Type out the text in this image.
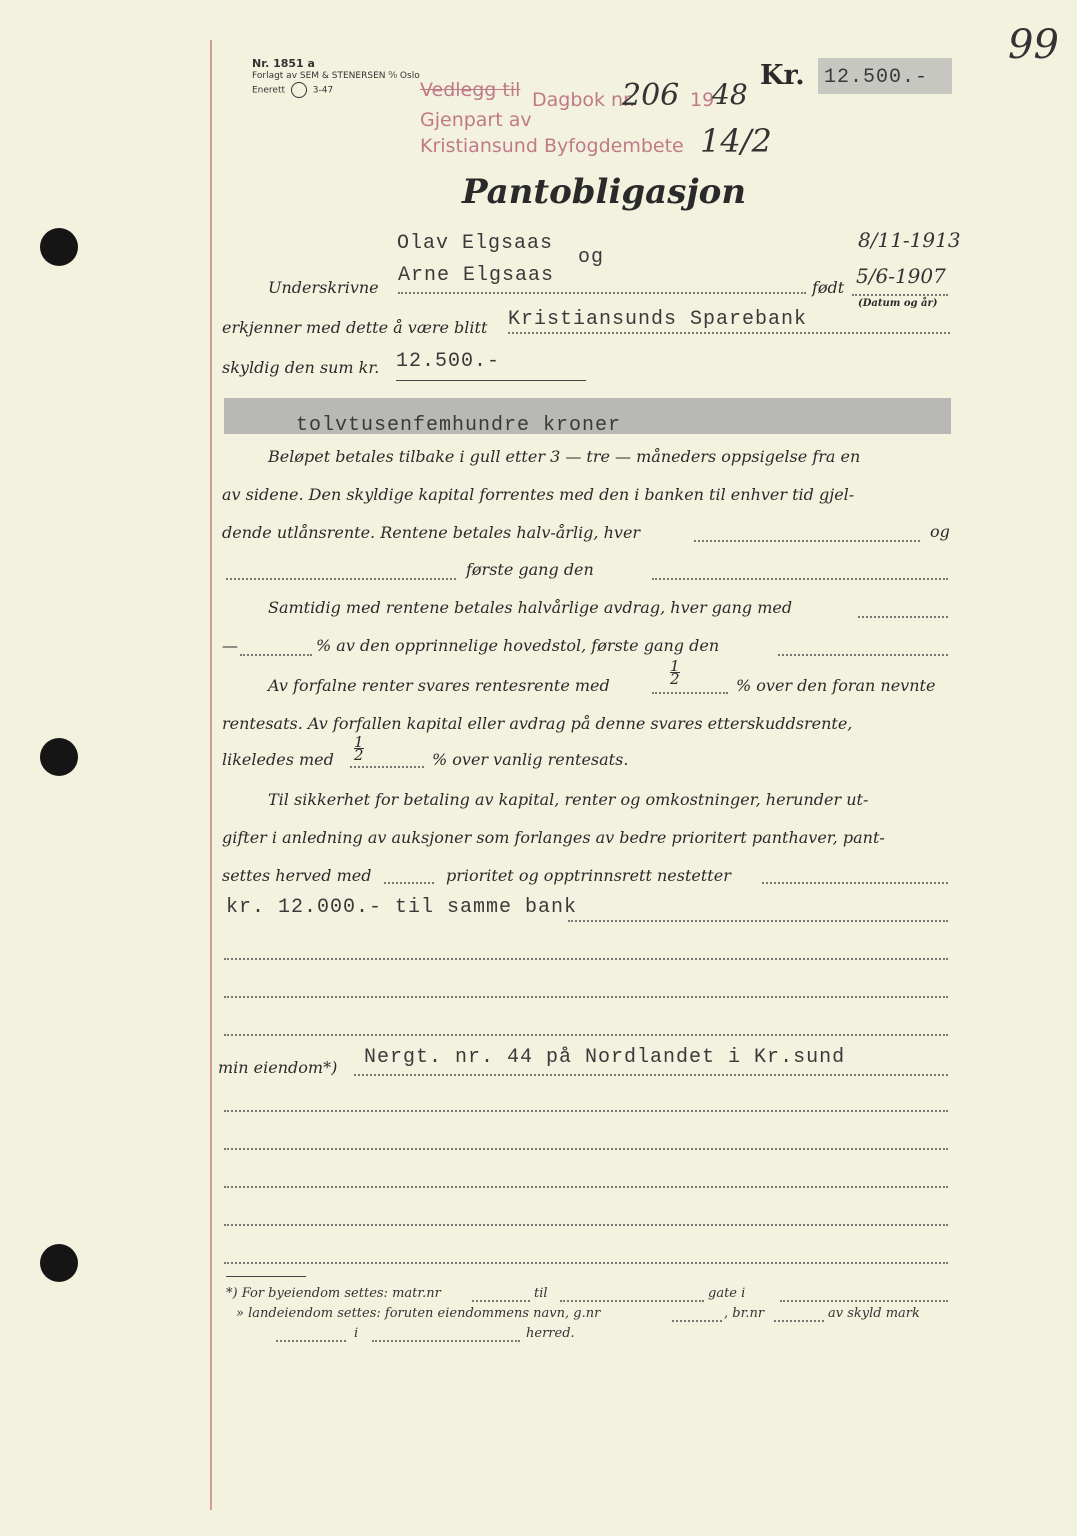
99
Nr. 1851 a
Forlagt av SEM & STENERSEN ⁰⁄₀ Oslo
Enerett	3-47	Vedlegg til Dagbok nr.
206 19
48
Gjenpart av
Kristiansund Byfogdembete 14/2
Kr. 12.500.-
Pantobligasjon
Olav Elgsaas
og
Arne Elgsaas
Underskrivne	født
8/11-1913
5/6-1907
(Datum og år)
erkjenner med dette å være blitt Kristiansunds Sparebank
skyldig den sum kr. 12.500.-
tolvtusenfemhundre kroner
Beløpet betales tilbake i gull etter 3 — tre — måneders oppsigelse fra en
av sidene. Den skyldige kapital forrentes med den i banken til enhver tid gjel-
dende utlånsrente. Rentene betales halv-årlig, hver	og
første gang den
Samtidig med rentene betales halvårlige avdrag, hver gang med
—	% av den opprinnelige hovedstol, første gang den
Av forfalne renter svares rentesrente med
$\frac{1}{2}$
% over den foran nevnte
rentesats. Av forfallen kapital eller avdrag på denne svares etterskuddsrente,
likeledes med $\frac{1}{2}$	% over vanlig rentesats.
Til sikkerhet for betaling av kapital, renter og omkostninger, herunder ut-
gifter i anledning av auksjoner som forlanges av bedre prioritert panthaver, pant-
settes herved med	prioritet og opptrinnsrett nestetter
kr. 12.000.- til samme bank
min eiendom*) Nergt. nr. 44 på Nordlandet i Kr.sund
*) For byeiendom settes: matr.nr	til	gate i
» landeiendom settes: foruten eiendommens navn, g.nr	, br.nr	av skyld mark
i	herred.
